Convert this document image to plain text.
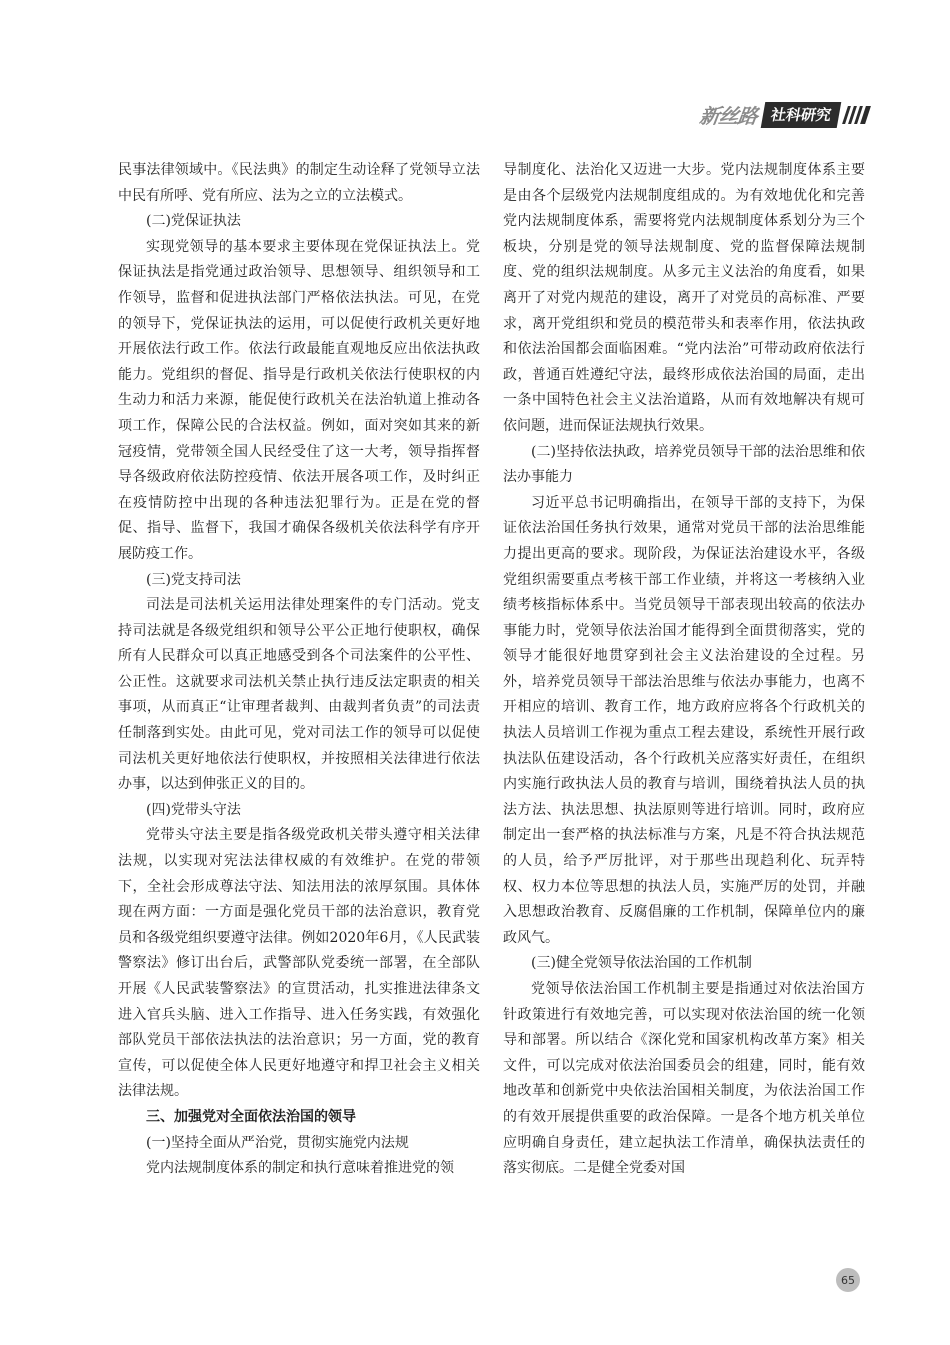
新丝路 社科研究

民事法律领域中。《民法典》的制定生动诠释了党领导立法中民有所呼、党有所应、法为之立的立法模式。

(二)党保证执法

实现党领导的基本要求主要体现在党保证执法上。党保证执法是指党通过政治领导、思想领导、组织领导和工作领导，监督和促进执法部门严格依法执法。可见，在党的领导下，党保证执法的运用，可以促使行政机关更好地开展依法行政工作。依法行政最能直观地反应出依法执政能力。党组织的督促、指导是行政机关依法行使职权的内生动力和活力来源，能促使行政机关在法治轨道上推动各项工作，保障公民的合法权益。例如，面对突如其来的新冠疫情，党带领全国人民经受住了这一大考，领导指挥督导各级政府依法防控疫情、依法开展各项工作，及时纠正在疫情防控中出现的各种违法犯罪行为。正是在党的督促、指导、监督下，我国才确保各级机关依法科学有序开展防疫工作。

(三)党支持司法

司法是司法机关运用法律处理案件的专门活动。党支持司法就是各级党组织和领导公平公正地行使职权，确保所有人民群众可以真正地感受到各个司法案件的公平性、公正性。这就要求司法机关禁止执行违反法定职责的相关事项，从而真正“让审理者裁判、由裁判者负责”的司法责任制落到实处。由此可见，党对司法工作的领导可以促使司法机关更好地依法行使职权，并按照相关法律进行依法办事，以达到伸张正义的目的。

(四)党带头守法

党带头守法主要是指各级党政机关带头遵守相关法律法规，以实现对宪法法律权威的有效维护。在党的带领下，全社会形成尊法守法、知法用法的浓厚氛围。具体体现在两方面：一方面是强化党员干部的法治意识，教育党员和各级党组织要遵守法律。例如2020年6月，《人民武装警察法》修订出台后，武警部队党委统一部署，在全部队开展《人民武装警察法》的宣贯活动，扎实推进法律条文进入官兵头脑、进入工作指导、进入任务实践，有效强化部队党员干部依法执法的法治意识；另一方面，党的教育宣传，可以促使全体人民更好地遵守和捍卫社会主义相关法律法规。

三、加强党对全面依法治国的领导

(一)坚持全面从严治党，贯彻实施党内法规

党内法规制度体系的制定和执行意味着推进党的领

导制度化、法治化又迈进一大步。党内法规制度体系主要是由各个层级党内法规制度组成的。为有效地优化和完善党内法规制度体系，需要将党内法规制度体系划分为三个板块，分别是党的领导法规制度、党的监督保障法规制度、党的组织法规制度。从多元主义法治的角度看，如果离开了对党内规范的建设，离开了对党员的高标准、严要求，离开党组织和党员的模范带头和表率作用，依法执政和依法治国都会面临困难。“党内法治”可带动政府依法行政，普通百姓遵纪守法，最终形成依法治国的局面，走出一条中国特色社会主义法治道路，从而有效地解决有规可依问题，进而保证法规执行效果。

(二)坚持依法执政，培养党员领导干部的法治思维和依法办事能力

习近平总书记明确指出，在领导干部的支持下，为保证依法治国任务执行效果，通常对党员干部的法治思维能力提出更高的要求。现阶段，为保证法治建设水平，各级党组织需要重点考核干部工作业绩，并将这一考核纳入业绩考核指标体系中。当党员领导干部表现出较高的依法办事能力时，党领导依法治国才能得到全面贯彻落实，党的领导才能很好地贯穿到社会主义法治建设的全过程。另外，培养党员领导干部法治思维与依法办事能力，也离不开相应的培训、教育工作，地方政府应将各个行政机关的执法人员培训工作视为重点工程去建设，系统性开展行政执法队伍建设活动，各个行政机关应落实好责任，在组织内实施行政执法人员的教育与培训，围绕着执法人员的执法方法、执法思想、执法原则等进行培训。同时，政府应制定出一套严格的执法标准与方案，凡是不符合执法规范的人员，给予严厉批评，对于那些出现趋利化、玩弄特权、权力本位等思想的执法人员，实施严厉的处罚，并融入思想政治教育、反腐倡廉的工作机制，保障单位内的廉政风气。

(三)健全党领导依法治国的工作机制

党领导依法治国工作机制主要是指通过对依法治国方针政策进行有效地完善，可以实现对依法治国的统一化领导和部署。所以结合《深化党和国家机构改革方案》相关文件，可以完成对依法治国委员会的组建，同时，能有效地改革和创新党中央依法治国相关制度，为依法治国工作的有效开展提供重要的政治保障。一是各个地方机关单位应明确自身责任，建立起执法工作清单，确保执法责任的落实彻底。二是健全党委对国

65
